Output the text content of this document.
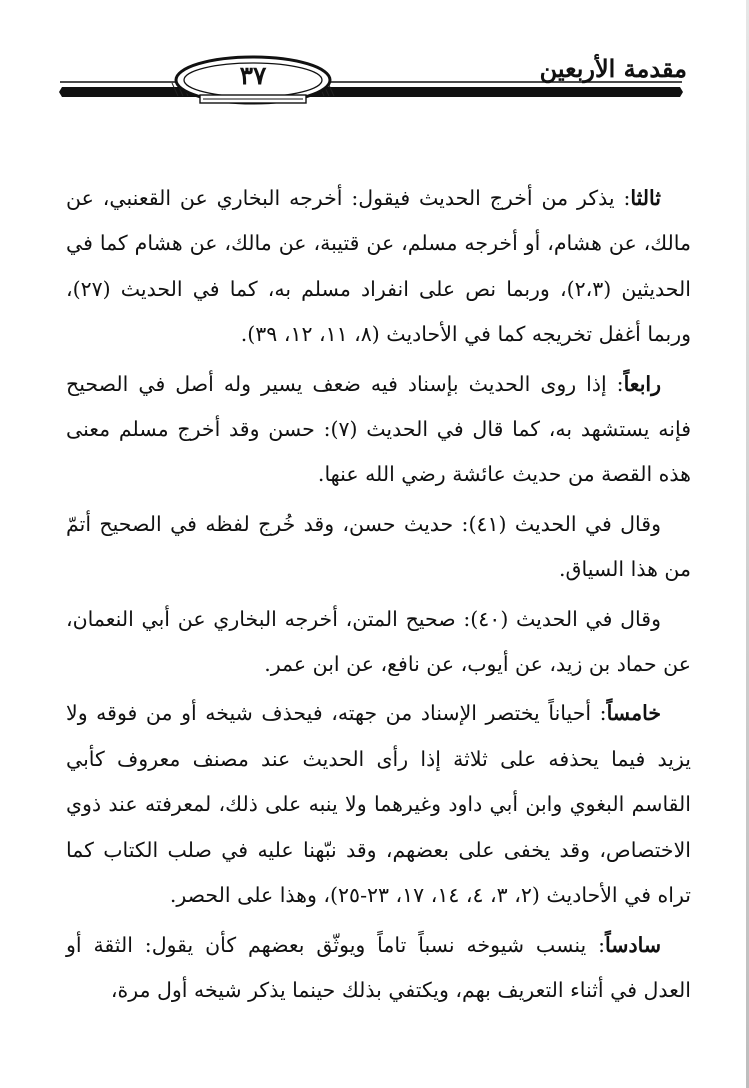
مقدمة الأربعين
٣٧

ثالثا: يذكر من أخرج الحديث فيقول: أخرجه البخاري عن القعنبي، عن مالك، عن هشام، أو أخرجه مسلم، عن قتيبة، عن مالك، عن هشام كما في الحديثين (٢،٣)، وربما نص على انفراد مسلم به، كما في الحديث (٢٧)، وربما أغفل تخريجه كما في الأحاديث (٨، ١١، ١٢، ٣٩).

رابعاً: إذا روى الحديث بإسناد فيه ضعف يسير وله أصل في الصحيح فإنه يستشهد به، كما قال في الحديث (٧): حسن وقد أخرج مسلم معنى هذه القصة من حديث عائشة رضي الله عنها.

وقال في الحديث (٤١): حديث حسن، وقد خُرج لفظه في الصحيح أتمّ من هذا السياق.

وقال في الحديث (٤٠): صحيح المتن، أخرجه البخاري عن أبي النعمان، عن حماد بن زيد، عن أيوب، عن نافع، عن ابن عمر.

خامساً: أحياناً يختصر الإسناد من جهته، فيحذف شيخه أو من فوقه ولا يزيد فيما يحذفه على ثلاثة إذا رأى الحديث عند مصنف معروف كأبي القاسم البغوي وابن أبي داود وغيرهما ولا ينبه على ذلك، لمعرفته عند ذوي الاختصاص، وقد يخفى على بعضهم، وقد نبّهنا عليه في صلب الكتاب كما تراه في الأحاديث (٢، ٣، ٤، ١٤، ١٧، ٢٣-٢٥)، وهذا على الحصر.

سادساً: ينسب شيوخه نسباً تاماً ويوثّق بعضهم كأن يقول: الثقة أو العدل في أثناء التعريف بهم، ويكتفي بذلك حينما يذكر شيخه أول مرة،
